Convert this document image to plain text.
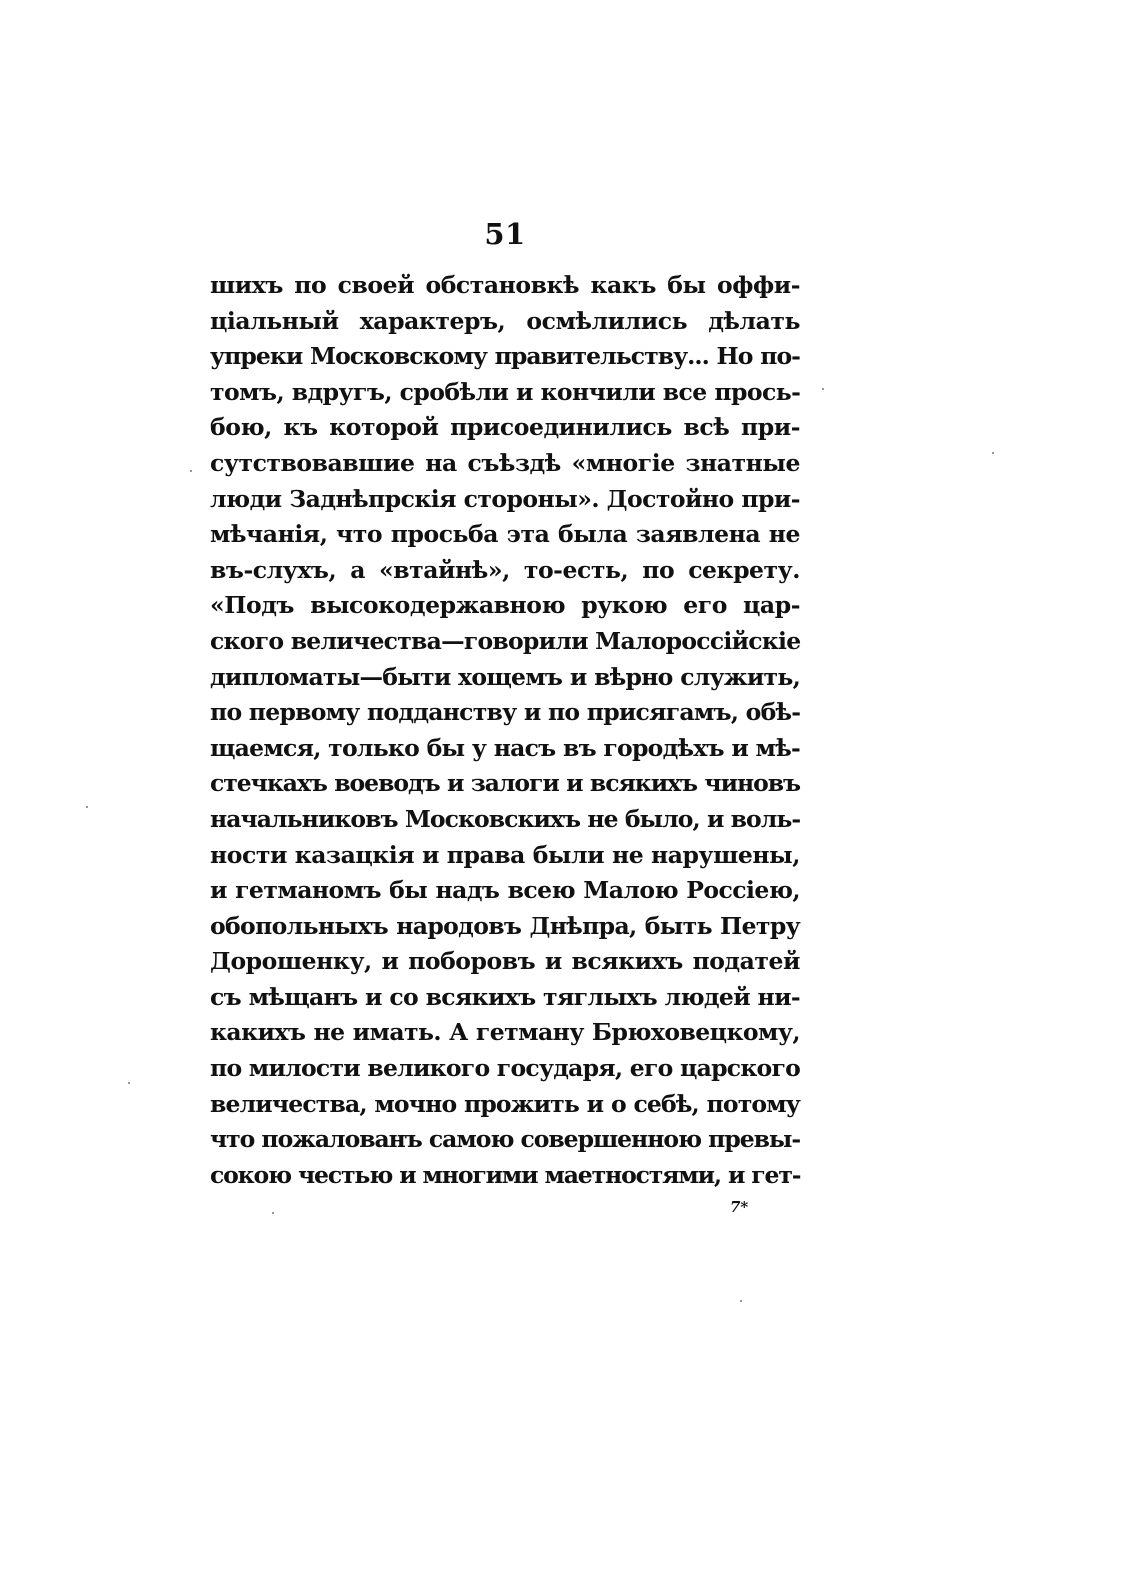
51
шихъ по своей обстановкѣ какъ бы оффи-
ціальный характеръ, осмѣлились дѣлать
упреки Московскому правительству... Но по-
томъ, вдругъ, сробѣли и кончили все прось-
бою, къ которой присоединились всѣ при-
сутствовавшие на съѣздѣ «многіе знатные
люди Заднѣпрскія стороны». Достойно при-
мѣчанія, что просьба эта была заявлена не
въ-слухъ, а «втайнѣ», то-есть, по секрету.
«Подъ высокодержавною рукою его цар-
ского величества—говорили Малороссійскіе
дипломаты—быти хощемъ и вѣрно служить,
по первому подданству и по присягамъ, обѣ-
щаемся, только бы у насъ въ городѣхъ и мѣ-
стечкахъ воеводъ и залоги и всякихъ чиновъ
начальниковъ Московскихъ не было, и воль-
ности казацкія и права были не нарушены,
и гетманомъ бы надъ всею Малою Россіею,
обопольныхъ народовъ Днѣпра, быть Петру
Дорошенку, и поборовъ и всякихъ податей
съ мѣщанъ и со всякихъ тяглыхъ людей ни-
какихъ не имать. А гетману Брюховецкому,
по милости великого государя, его царского
величества, мочно прожить и о себѣ, потому
что пожалованъ самою совершенною превы-
сокою честью и многими маетностями, и гет-
7*
